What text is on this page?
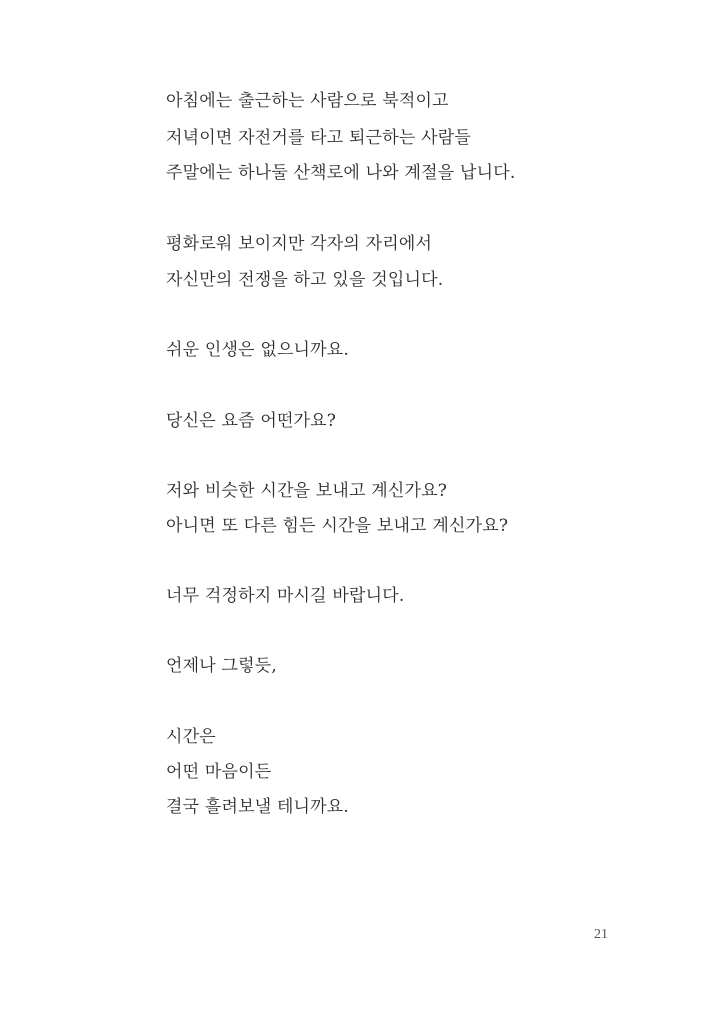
아침에는 출근하는 사람으로 북적이고
저녁이면 자전거를 타고 퇴근하는 사람들
주말에는 하나둘 산책로에 나와 계절을 납니다.
평화로워 보이지만 각자의 자리에서
자신만의 전쟁을 하고 있을 것입니다.
쉬운 인생은 없으니까요.
당신은 요즘 어떤가요?
저와 비슷한 시간을 보내고 계신가요?
아니면 또 다른 힘든 시간을 보내고 계신가요?
너무 걱정하지 마시길 바랍니다.
언제나 그렇듯,
시간은
어떤 마음이든
결국 흘려보낼 테니까요.
21
